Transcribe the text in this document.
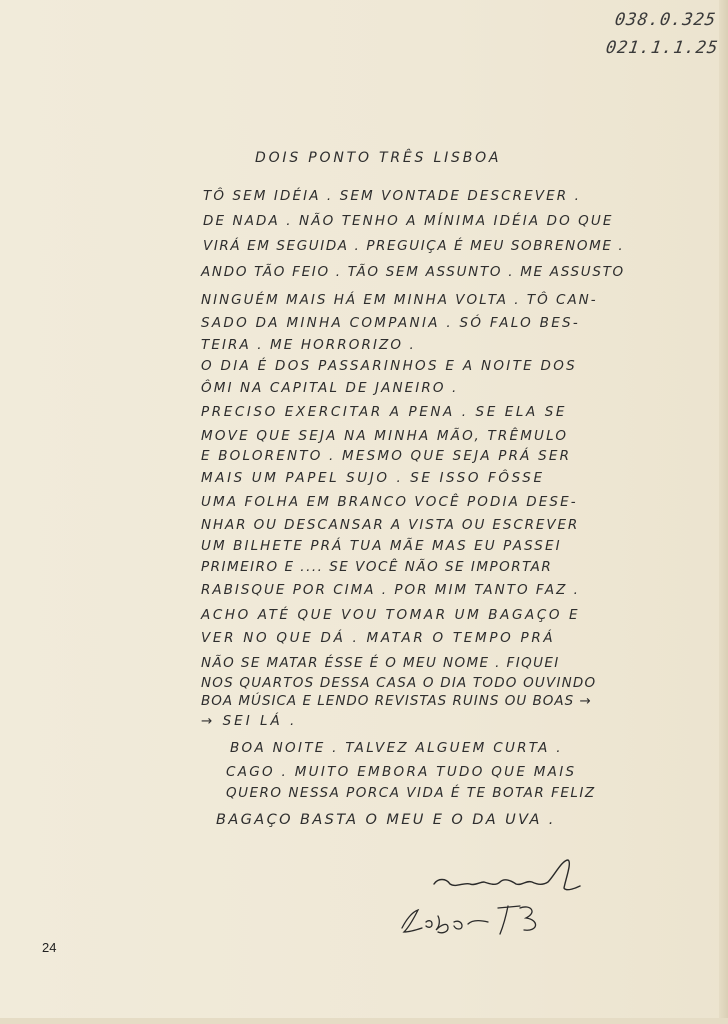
038.0.325
021.1.1.25
DOIS PONTO TRÊS LISBOA
TÔ SEM IDÉIA . SEM VONTADE DESCREVER .
DE NADA . NÃO TENHO A MÍNIMA IDÉIA DO QUE
VIRÁ EM SEGUIDA . PREGUIÇA É MEU SOBRENOME .
ANDO TÃO FEIO . TÃO SEM ASSUNTO . ME ASSUSTO
NINGUÉM MAIS HÁ EM MINHA VOLTA . TÔ CAN-
SADO DA MINHA COMPANIA . SÓ FALO BES-
TEIRA . ME HORRORIZO .
O DIA É DOS PASSARINHOS E A NOITE DOS
ÔMI NA CAPITAL DE JANEIRO .
PRECISO EXERCITAR A PENA . SE ELA SE
MOVE QUE SEJA NA MINHA MÃO, TRÊMULO
E BOLORENTO . MESMO QUE SEJA PRÁ SER
MAIS UM PAPEL SUJO . SE ISSO FÔSSE
UMA FOLHA EM BRANCO VOCÊ PODIA DESE-
NHAR OU DESCANSAR A VISTA OU ESCREVER
UM BILHETE PRÁ TUA MÃE MAS EU PASSEI
PRIMEIRO E .... SE VOCÊ NÃO SE IMPORTAR
RABISQUE POR CIMA . POR MIM TANTO FAZ .
ACHO ATÉ QUE VOU TOMAR UM BAGAÇO E
VER NO QUE DÁ . MATAR O TEMPO PRÁ
NÃO SE MATAR ÉSSE É O MEU NOME . FIQUEI
NOS QUARTOS DESSA CASA O DIA TODO OUVINDO
BOA MÚSICA E LENDO REVISTAS RUINS OU BOAS →
→ SEI LÁ .
BOA NOITE . TALVEZ ALGUEM CURTA .
CAGO . MUITO EMBORA TUDO QUE MAIS
QUERO NESSA PORCA VIDA É TE BOTAR FELIZ
BAGAÇO BASTA O MEU E O DA UVA .
24
